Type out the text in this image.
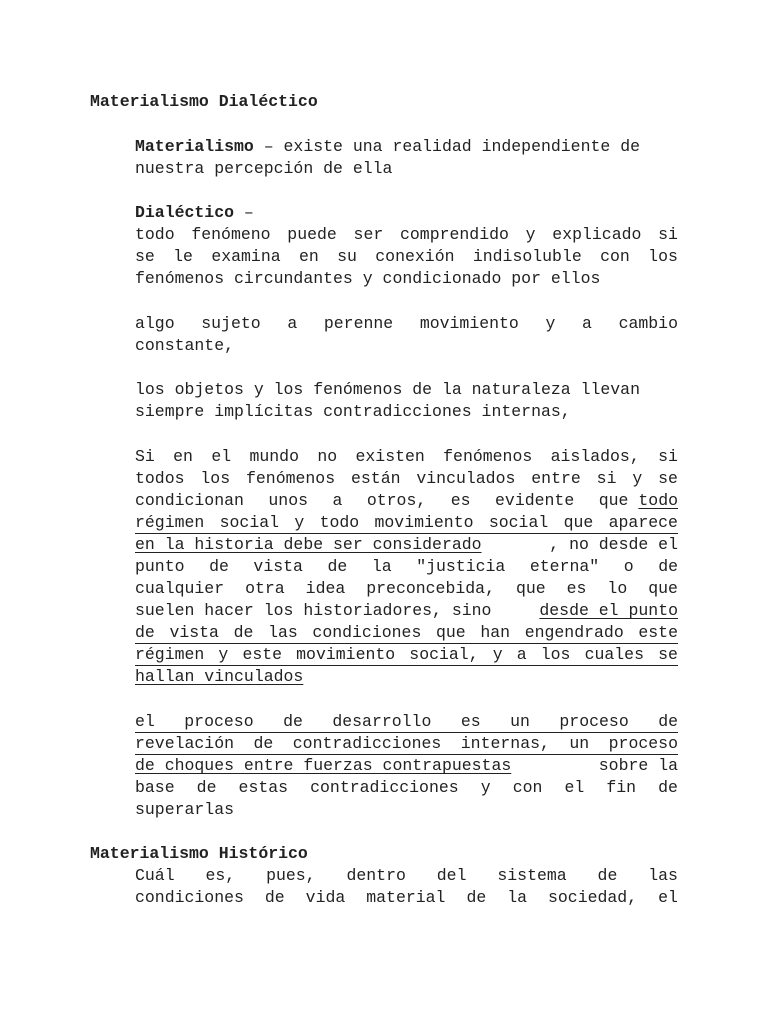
Materialismo Dialéctico
Materialismo – existe una realidad independiente de
nuestra percepción de ella
Dialéctico –
todo fenómeno puede ser comprendido y explicado si
se le examina en su conexión indisoluble con los
fenómenos circundantes y condicionado por ellos
algo sujeto a perenne movimiento y a cambio
constante,
los objetos y los fenómenos de la naturaleza llevan
siempre implícitas contradicciones internas,
Si en el mundo no existen fenómenos aislados, si
todos los fenómenos están vinculados entre si y se
condicionan unos a otros, es evidente que todo
régimen social y todo movimiento social que aparece
en la historia debe ser considerado	, no desde el
punto de vista de la "justicia eterna" o de
cualquier otra idea preconcebida, que es lo que
suelen hacer los historiadores, sino	desde el punto
de vista de las condiciones que han engendrado este
régimen y este movimiento social, y a los cuales se
hallan vinculados
el proceso de desarrollo es un proceso de
revelación de contradicciones internas, un proceso
de choques entre fuerzas contrapuestas	sobre la
base de estas contradicciones y con el fin de
superarlas
Materialismo Histórico
Cuál es, pues, dentro del sistema de las
condiciones de vida material de la sociedad, el
